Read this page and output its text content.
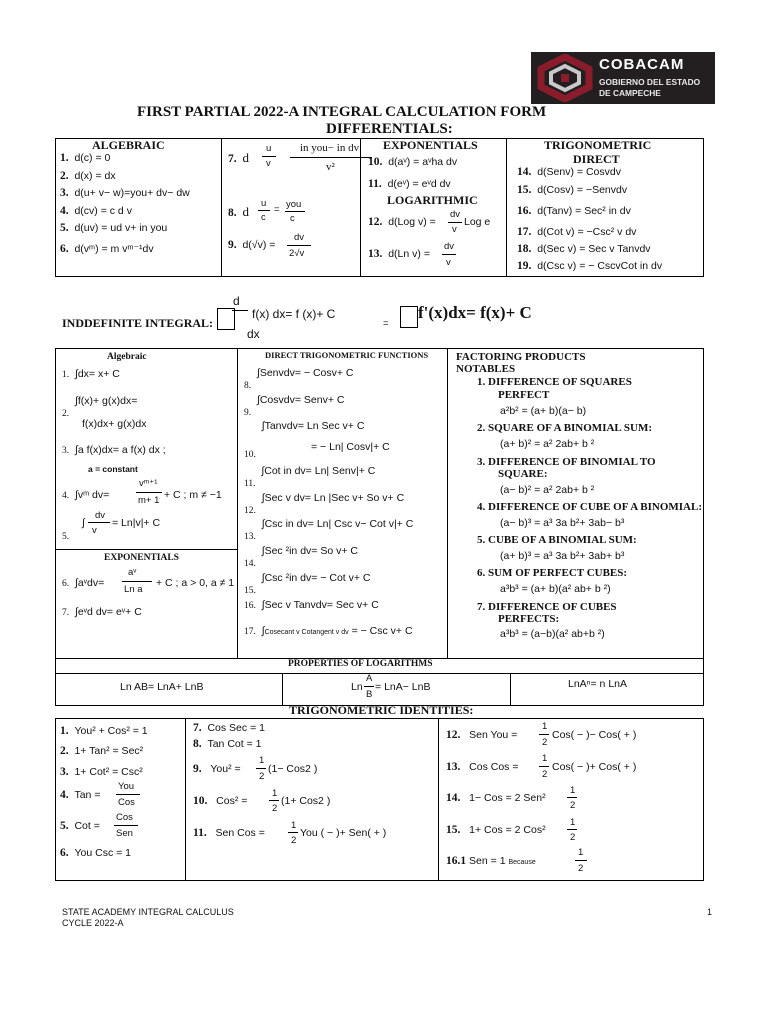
COBACAM
GOBIERNO DEL ESTADO
DE CAMPECHE
FIRST PARTIAL 2022-A INTEGRAL CALCULATION FORM
DIFFERENTIALS:
ALGEBRAIC	EXPONENTIALS
LOGARITHMIC
TRIGONOMETRIC
DIRECT
1. d(c) = 0
2. d(x) = dx
3. d(u+ v− w)=you+ dv− dw
4. d(cv) = c d v
5. d(uv) = ud v+ in you
6. d(vᵐ) = m vᵐ⁻¹dv
7. d
u
v
in you− in dv
v²
8. d
u
c
= you
c
9. d(√v) =
dv
2√v
10. d(aᵛ) = aᵛha dv
11. d(eᵛ) = eᵛd dv
12. d(Log v) =
dv
v
Log e
13. d(Ln v) =
dv
v
14. d(Senv) = Cosvdv
15. d(Cosv) = −Senvdv
16. d(Tanv) = Sec² in dv
17. d(Cot v) = −Csc² v dv
18. d(Sec v) = Sec v Tanvdv
19. d(Csc v) = − CscvCot in dv
INDDEFINITE INTEGRAL:
d
dx
f(x) dx= f (x)+ C
=
f'(x)dx= f(x)+ C
Algebraic	DIRECT TRIGONOMETRIC FUNCTIONS
EXPONENTIALS
FACTORING PRODUCTS
NOTABLES
1.  ∫dx= x+ C
2.  ∫f(x)+ g(x)dx=
f(x)dx+ g(x)dx
3.  ∫a f(x)dx= a f(x) dx ;
a = constant
4.  ∫vᵐ dv=
vᵐ⁺¹
m+ 1 + C ; m ≠ −1
5.
∫
dv
v
= Ln|v|+ C
6.  ∫aᵛdv=
aᵛ
Ln a
+ C ; a > 0, a ≠ 1
7.  ∫eᵛd dv= eᵛ+ C
8.  ∫Senvdv= − Cosv+ C
9.  ∫Cosvdv= Senv+ C
10.  ∫Tanvdv= Ln Sec v+ C
= − Ln| Cosv|+ C
11.  ∫Cot in dv= Ln| Senv|+ C
12.  ∫Sec v dv= Ln |Sec v+ So v+ C
13.  ∫Csc in dv= Ln| Csc v− Cot v|+ C
14.  ∫Sec ²in dv= So v+ C
15.  ∫Csc ²in dv= − Cot v+ C
16.  ∫Sec v Tanvdv= Sec v+ C
17.  ∫Cosecant v Cotangent v dv = − Csc v+ C
1. DIFFERENCE OF SQUARES
PERFECT
a²b² = (a+ b)(a− b)
2. SQUARE OF A BINOMIAL SUM:
(a+ b)² = a² 2ab+ b ²
3. DIFFERENCE OF BINOMIAL TO
SQUARE:
(a− b)² = a² 2ab+ b ²
4. DIFFERENCE OF CUBE OF A BINOMIAL:
(a− b)³ = a³ 3a b²+ 3ab− b³
5. CUBE OF A BINOMIAL SUM:
(a+ b)³ = a³ 3a b²+ 3ab+ b³
6. SUM OF PERFECT CUBES:
a³b³ = (a+ b)(a² ab+ b ²)
7. DIFFERENCE OF CUBES
PERFECTS:
a³b³ = (a−b)(a² ab+b ²)
PROPERTIES OF LOGARITHMS
Ln AB= LnA+ LnB	Ln
A
B
= LnA− LnB	LnAⁿ= n LnA
TRIGONOMETRIC IDENTITIES:
1. You² + Cos² = 1
2. 1+ Tan² = Sec²
3. 1+ Cot² = Csc²
4. Tan =
You
Cos
5. Cot =
Cos
Sen
6. You Csc = 1
7. Cos Sec = 1
8. Tan Cot = 1
9. You² =
1
2
(1− Cos2 )
10. Cos² =
1
2
(1+ Cos2 )
11. Sen Cos =
1
2
You ( − )+ Sen( + )
12. Sen You =
1
2
Cos( − )− Cos( + )
13. Cos Cos =
1
2
Cos( − )+ Cos( + )
14. 1− Cos = 2 Sen²
1
2
15. 1+ Cos = 2 Cos²
1
2
16.1 Sen = 1 Because
1
2
STATE ACADEMY INTEGRAL CALCULUS
CYCLE 2022-A
1
